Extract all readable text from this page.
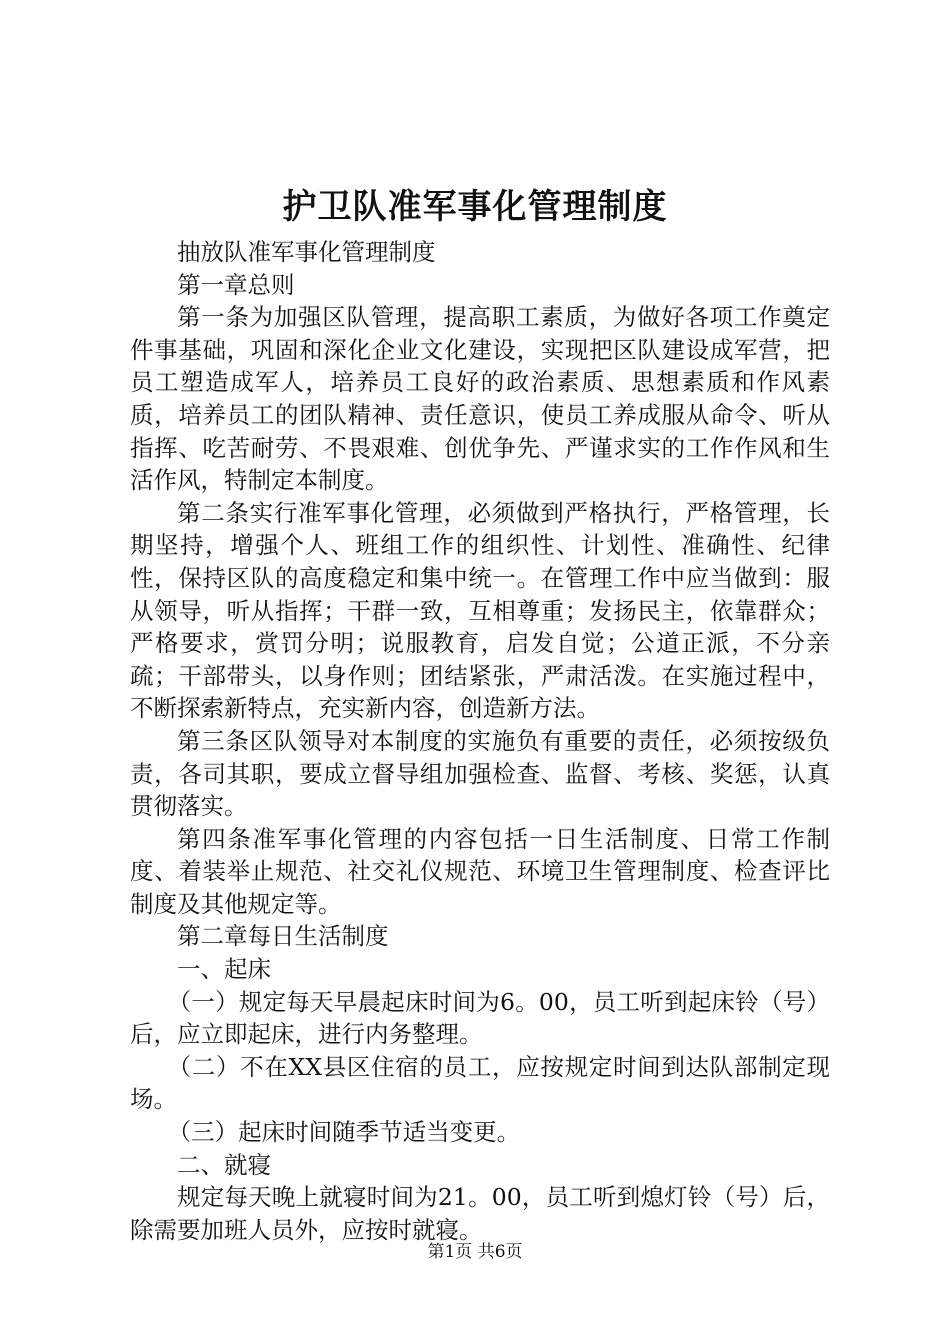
护卫队准军事化管理制度

抽放队准军事化管理制度

第一章总则

第一条为加强区队管理，提高职工素质，为做好各项工作奠定件事基础，巩固和深化企业文化建设，实现把区队建设成军营，把员工塑造成军人，培养员工良好的政治素质、思想素质和作风素质，培养员工的团队精神、责任意识，使员工养成服从命令、听从指挥、吃苦耐劳、不畏艰难、创优争先、严谨求实的工作作风和生活作风，特制定本制度。

第二条实行准军事化管理，必须做到严格执行，严格管理，长期坚持，增强个人、班组工作的组织性、计划性、准确性、纪律性，保持区队的高度稳定和集中统一。在管理工作中应当做到：服从领导，听从指挥；干群一致，互相尊重；发扬民主，依靠群众；严格要求，赏罚分明；说服教育，启发自觉；公道正派，不分亲疏；干部带头，以身作则；团结紧张，严肃活泼。在实施过程中，不断探索新特点，充实新内容，创造新方法。

第三条区队领导对本制度的实施负有重要的责任，必须按级负责，各司其职，要成立督导组加强检查、监督、考核、奖惩，认真贯彻落实。

第四条准军事化管理的内容包括一日生活制度、日常工作制度、着装举止规范、社交礼仪规范、环境卫生管理制度、检查评比制度及其他规定等。

第二章每日生活制度

一、起床

（一）规定每天早晨起床时间为6。00，员工听到起床铃（号）后，应立即起床，进行内务整理。

（二）不在XX县区住宿的员工，应按规定时间到达队部制定现场。

（三）起床时间随季节适当变更。

二、就寝

规定每天晚上就寝时间为21。00，员工听到熄灯铃（号）后，除需要加班人员外，应按时就寝。

第1页 共6页
